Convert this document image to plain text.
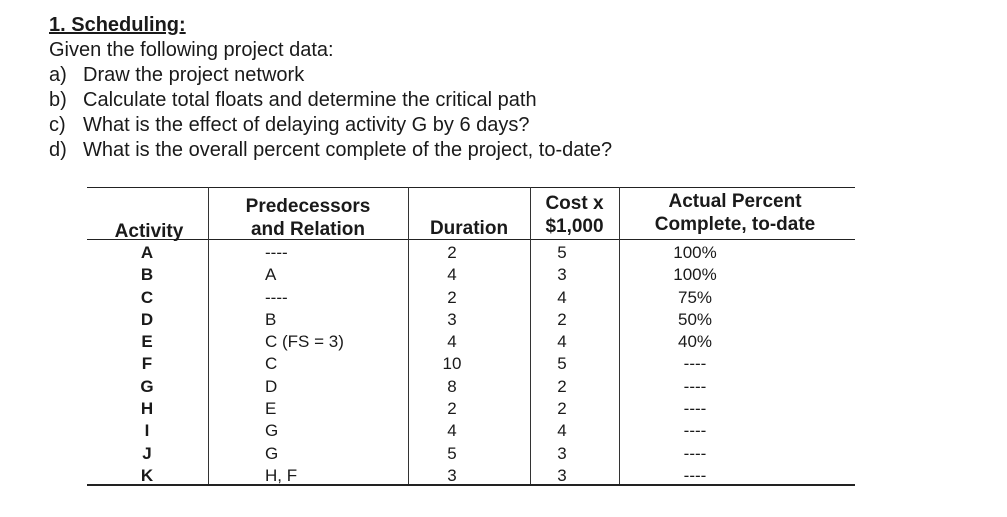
1. Scheduling:
Given the following project data:
a) Draw the project network
b) Calculate total floats and determine the critical path
c) What is the effect of delaying activity G by 6 days?
d) What is the overall percent complete of the project, to-date?
Activity
Predecessors
and Relation	Duration
Cost x
$1,000
Actual Percent
Complete, to-date
A
B
C
D
E
F
G
H
I
J
K
----
A
----
B
C (FS = 3)
C
D
E
G
G
H, F
2
4
2
3
4
10
8
2
4
5
3
5
3
4
2
4
5
2
2
4
3
3
100%
100%
75%
50%
40%
----
----
----
----
----
----
